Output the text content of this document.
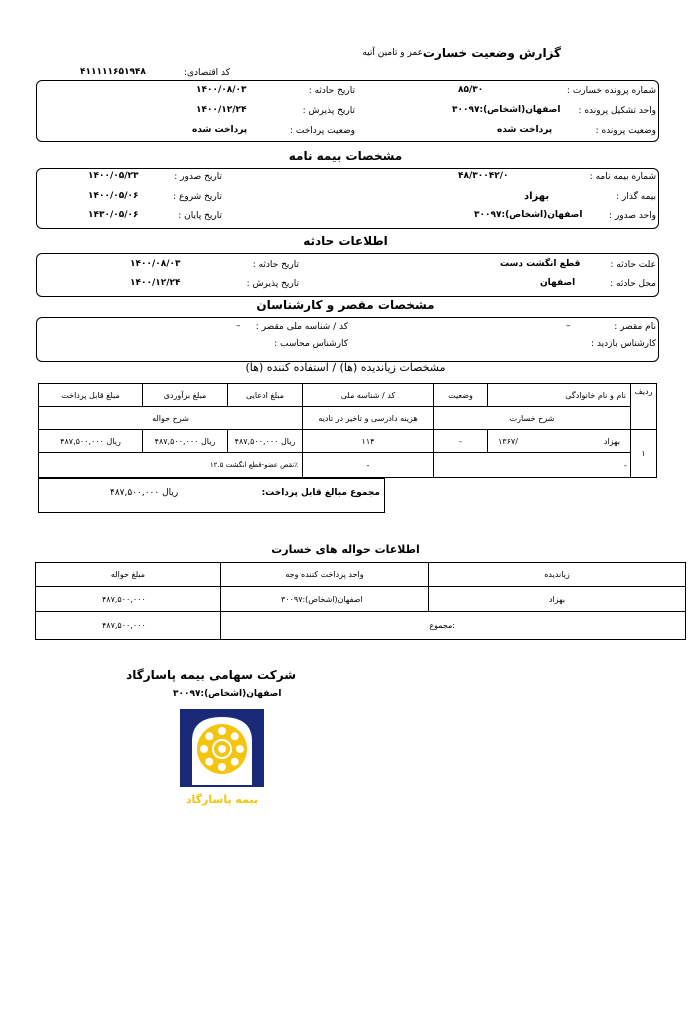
گزارش وضعیت خسارت
عمر و تامین آتیه
کد اقتصادی:
۴۱۱۱۱۱۶۵۱۹۴۸
شماره پرونده خسارت :
۸۵/۳۰
واحد تشکیل پرونده :
اصفهان(اشخاص):۳۰۰۹۷
وضعیت پرونده :
پرداخت شده
تاریخ حادثه :
۱۴۰۰/۰۸/۰۳
تاریخ پذیرش :
۱۴۰۰/۱۲/۲۴
وضعیت پرداخت :
پرداخت شده
مشخصات بیمه نامه
شماره بیمه نامه :
۴۸/۳۰۰۴۲/۰
بیمه گذار :
بهزاد
واحد صدور :
اصفهان(اشخاص):۳۰۰۹۷
تاریخ صدور :
۱۴۰۰/۰۵/۲۳
تاریخ شروع :
۱۴۰۰/۰۵/۰۶
تاریخ پایان :
۱۴۳۰/۰۵/۰۶
اطلاعات حادثه
علت حادثه :
قطع انگشت دست
محل حادثه :
اصفهان
تاریخ حادثه :
۱۴۰۰/۰۸/۰۳
تاریخ پذیرش :
۱۴۰۰/۱۲/۲۴
مشخصات مقصر و کارشناسان
نام مقصر :
–
کد / شناسه ملی مقصر :
–
کارشناس بازدید :
کارشناس محاسب :
مشخصات زیاندیده (ها) / استفاده کننده (ها)
ردیف
نام و نام خانوادگی
وضعیت
کد / شناسه ملی
مبلغ ادعایی
مبلغ برآوردی
مبلغ قابل پرداخت
شرح خسارت
هزینه دادرسی و تاخیر در تادیه
شرح حواله
۱
۱۳۶۷/	بهزاد
-
۱۱۴
۴۸۷,۵۰۰,۰۰۰ ریال
۴۸۷,۵۰۰,۰۰۰ ریال
۴۸۷,۵۰۰,۰۰۰ ریال
-
-
نقص عضو-قطع انگشت ۱۲.۵٪
مجموع مبالغ قابل پرداخت:
۴۸۷,۵۰۰,۰۰۰ ریال
اطلاعات حواله های خسارت
زیاندیده
واحد پرداخت کننده وجه
مبلغ حواله
بهزاد
اصفهان(اشخاص):۳۰۰۹۷
۴۸۷,۵۰۰,۰۰۰
مجموع:
۴۸۷,۵۰۰,۰۰۰
شرکت سهامی بیمه پاسارگاد
اصفهان(اشخاص):۳۰۰۹۷
بیمه پاسارگاد
